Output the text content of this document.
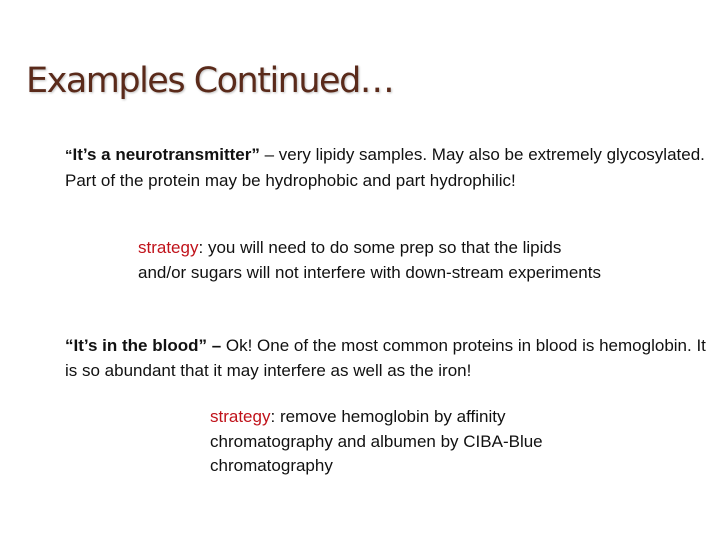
Examples Continued…

“It’s a neurotransmitter” – very lipidy samples. May also be extremely glycosylated. Part of the protein may be hydrophobic and part hydrophilic!

strategy: you will need to do some prep so that the lipids and/or sugars will not interfere with down-stream experiments

“It’s in the blood” – Ok! One of the most common proteins in blood is hemoglobin. It is so abundant that it may interfere as well as the iron!

strategy: remove hemoglobin by affinity chromatography and albumen by CIBA-Blue chromatography
